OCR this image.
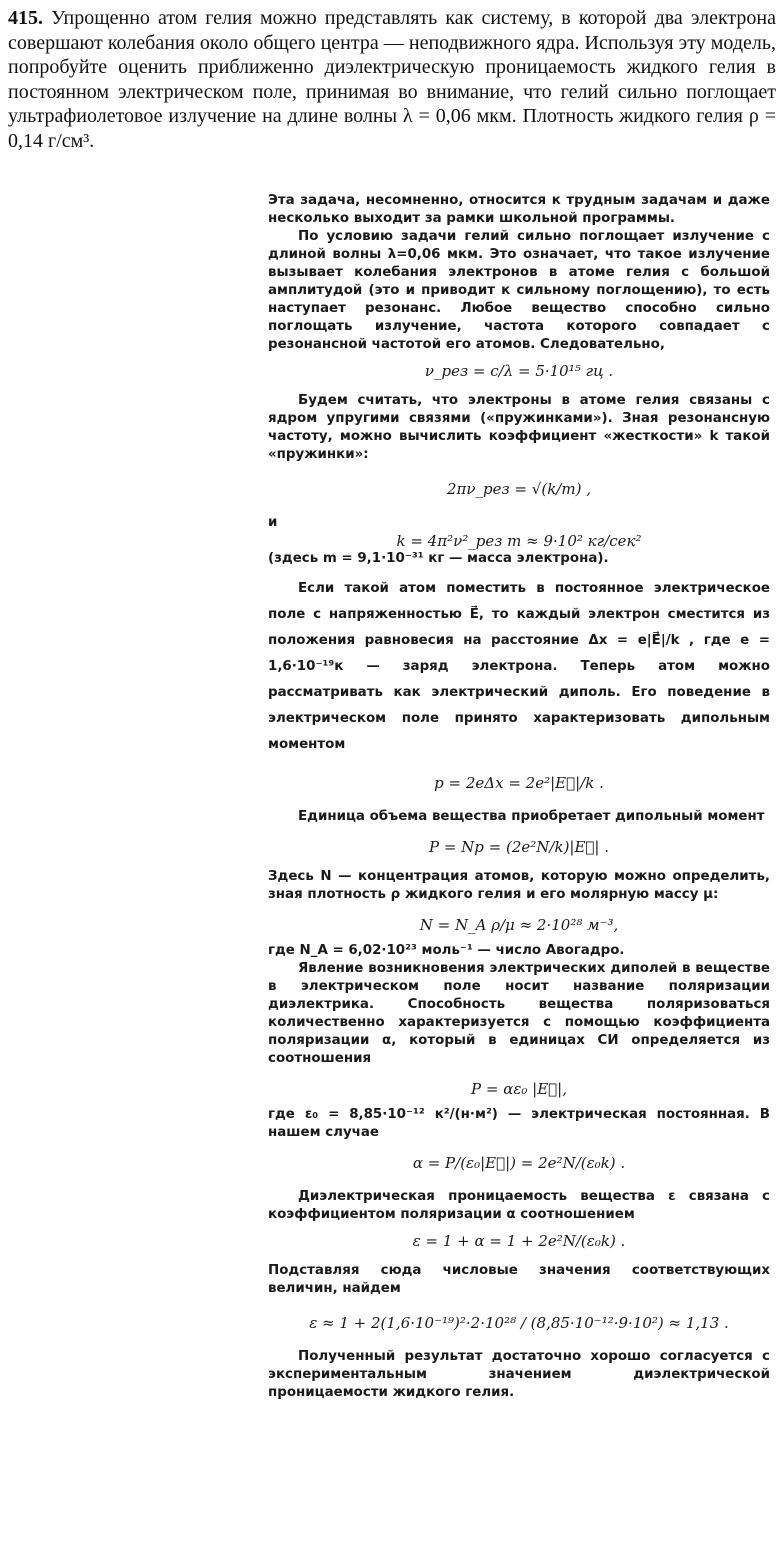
415. Упрощенно атом гелия можно представлять как систему, в которой два электрона совершают колебания около общего центра — неподвижного ядра. Используя эту модель, попробуйте оценить приближенно диэлектрическую проницаемость жидкого гелия в постоянном электрическом поле, принимая во внимание, что гелий сильно поглощает ультрафиолетовое излучение на длине волны λ = 0,06 мкм. Плотность жидкого гелия ρ = 0,14 г/см³.

Эта задача, несомненно, относится к трудным задачам и даже несколько выходит за рамки школьной программы.

По условию задачи гелий сильно поглощает излучение с длиной волны λ=0,06 мкм. Это означает, что такое излучение вызывает колебания электронов в атоме гелия с большой амплитудой (это и приводит к сильному поглощению), то есть наступает резонанс. Любое вещество способно сильно поглощать излучение, частота которого совпадает с резонансной частотой его атомов. Следовательно,

ν_рез = c/λ = 5·10¹⁵ гц .

Будем считать, что электроны в атоме гелия связаны с ядром упругими связями («пружинками»). Зная резонансную частоту, можно вычислить коэффициент «жесткости» k такой «пружинки»:

2πν_рез = √(k/m) ,

и

k = 4π²ν²_рез m ≈ 9·10² кг/сек²

(здесь m = 9,1·10⁻³¹ кг — масса электрона).

Если такой атом поместить в постоянное электрическое поле с напряженностью E⃗, то каждый электрон сместится из положения равновесия на расстояние Δx = e|E⃗|/k , где e = 1,6·10⁻¹⁹к — заряд электрона. Теперь атом можно рассматривать как электрический диполь. Его поведение в электрическом поле принято характеризовать дипольным моментом

p = 2eΔx = 2e²|E⃗|/k .

Единица объема вещества приобретает дипольный момент

P = Np = (2e²N/k)|E⃗| .

Здесь N — концентрация атомов, которую можно определить, зная плотность ρ жидкого гелия и его молярную массу μ:

N = N_A ρ/μ ≈ 2·10²⁸ м⁻³,

где N_A = 6,02·10²³ моль⁻¹ — число Авогадро.

Явление возникновения электрических диполей в веществе в электрическом поле носит название поляризации диэлектрика. Способность вещества поляризоваться количественно характеризуется с помощью коэффициента поляризации α, который в единицах СИ определяется из соотношения

P = αε₀ |E⃗|,

где ε₀ = 8,85·10⁻¹² к²/(н·м²) — электрическая постоянная. В нашем случае

α = P/(ε₀|E⃗|) = 2e²N/(ε₀k) .

Диэлектрическая проницаемость вещества ε связана с коэффициентом поляризации α соотношением

ε = 1 + α = 1 + 2e²N/(ε₀k) .

Подставляя сюда числовые значения соответствующих величин, найдем

ε ≈ 1 + 2(1,6·10⁻¹⁹)²·2·10²⁸ / (8,85·10⁻¹²·9·10²) ≈ 1,13 .

Полученный результат достаточно хорошо согласуется с экспериментальным значением диэлектрической проницаемости жидкого гелия.
